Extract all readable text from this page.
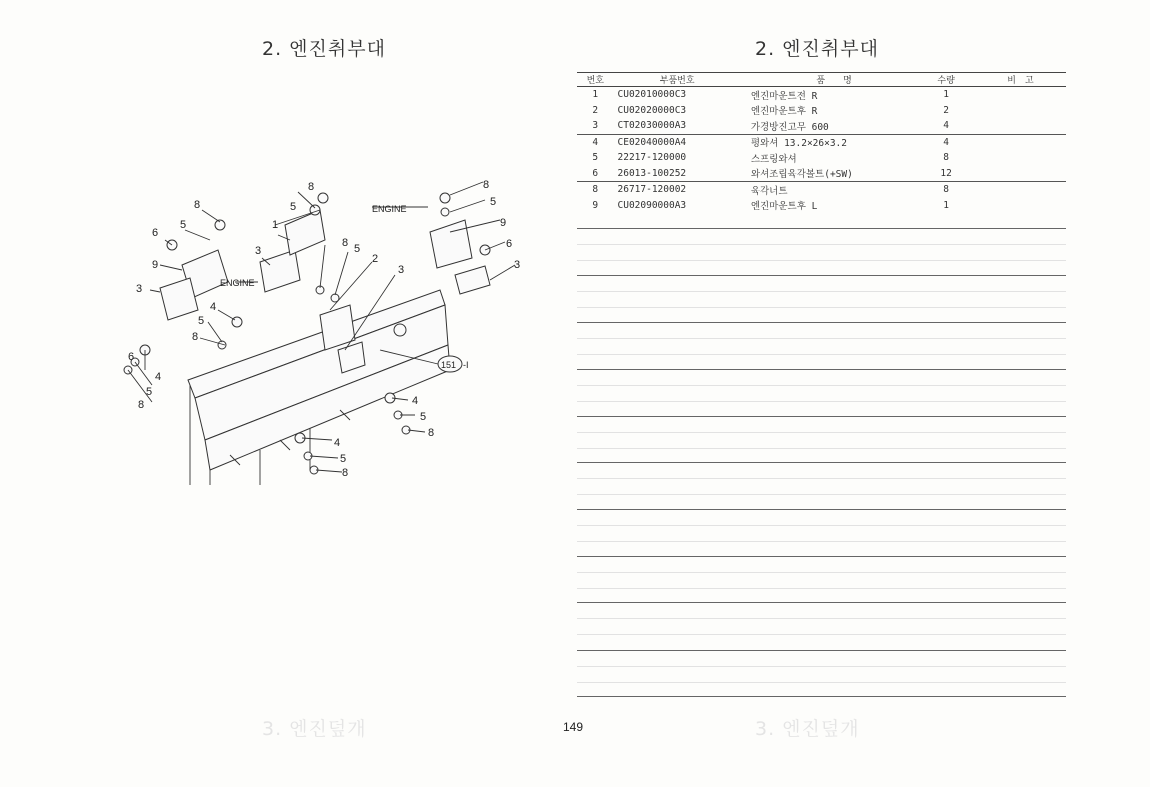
2. 엔진취부대	2. 엔진취부대
8
5
6
9
3
8
5
1
3
8 5
2
3
4
5
8
6
4
5
8
8
5
9
6
3
4
5
8
4
5
8
ENGINE
ENGINE
151 -I
번호	부품번호	품　　명	수량	비　고
1	CU02010000C3	엔진마운트전 R	1	
2	CU02020000C3	엔진마운트후 R	2	
3	CT02030000A3	가경방진고무 600	4	
4	CE02040000A4	평와셔 13.2×26×3.2	4	
5	22217-120000	스프링와셔	8	
6	26013-100252	와셔조립육각볼트(+SW)	12	
8	26717-120002	육각너트	8	
9	CU02090000A3	엔진마운트후 L	1	
3. 엔진덮개	3. 엔진덮개
149
